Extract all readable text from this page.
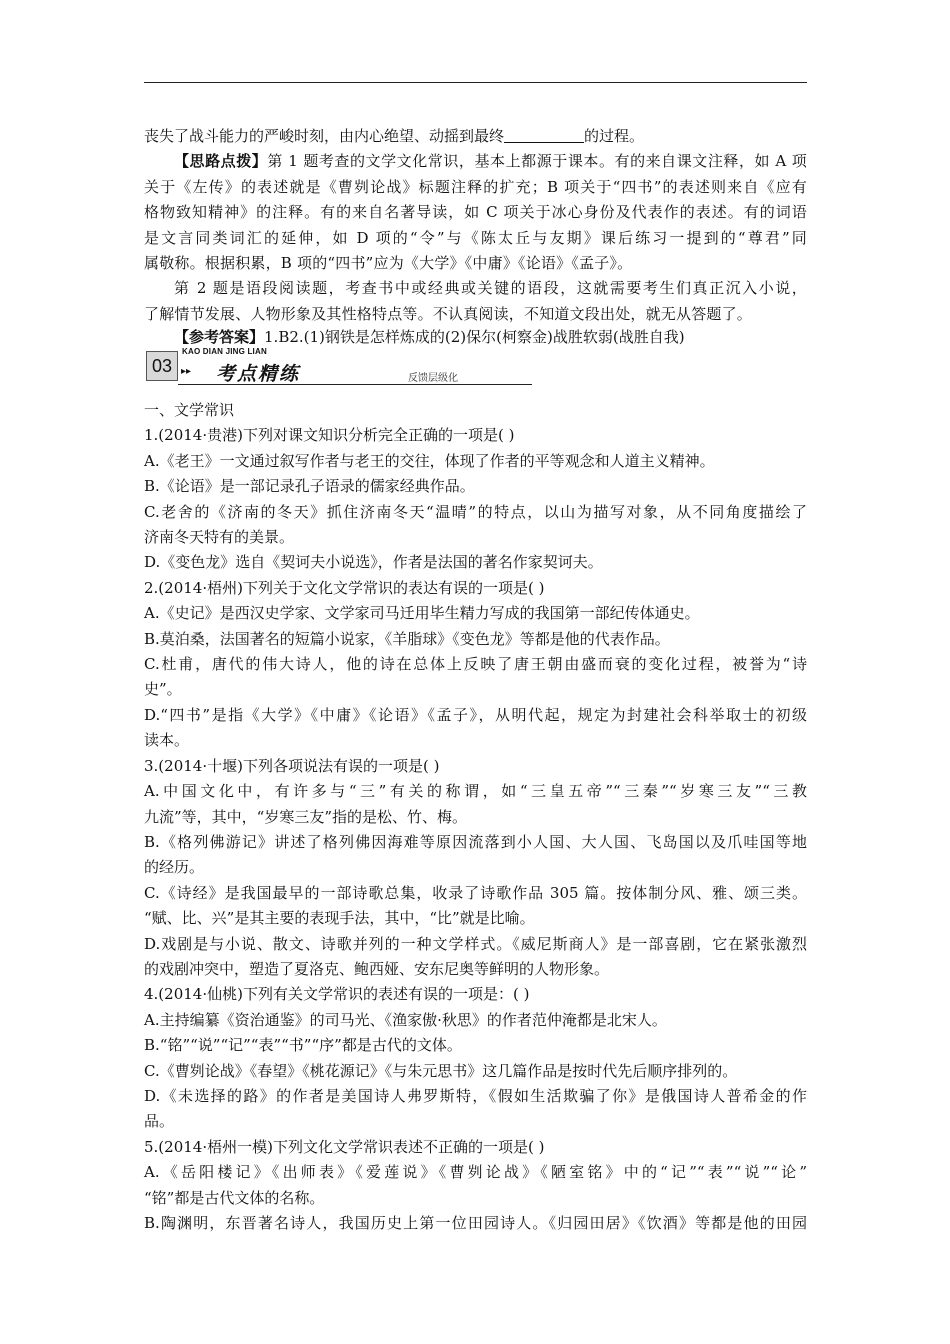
丧失了战斗能力的严峻时刻，由内心绝望、动摇到最终	的过程。

【思路点拨】第 1 题考查的文学文化常识，基本上都源于课本。有的来自课文注释，如 A 项

关于《左传》的表述就是《曹刿论战》标题注释的扩充；B 项关于“四书”的表述则来自《应有

格物致知精神》的注释。有的来自名著导读，如 C 项关于冰心身份及代表作的表述。有的词语

是文言同类词汇的延伸，如 D 项的“令”与《陈太丘与友期》课后练习一提到的“尊君”同

属敬称。根据积累，B 项的“四书”应为《大学》《中庸》《论语》《孟子》。

第 2 题是语段阅读题，考查书中或经典或关键的语段，这就需要考生们真正沉入小说，

了解情节发展、人物形象及其性格特点等。不认真阅读，不知道文段出处，就无从答题了。

【参考答案】1.B2.(1)钢铁是怎样炼成的(2)保尔(柯察金)战胜软弱(战胜自我)

03
KAO DIAN JING LIAN
▸▸ 考点精练	反馈层级化

一、文学常识

1.(2014·贵港)下列对课文知识分析完全正确的一项是( )

A.《老王》一文通过叙写作者与老王的交往，体现了作者的平等观念和人道主义精神。

B.《论语》是一部记录孔子语录的儒家经典作品。

C.老舍的《济南的冬天》抓住济南冬天“温晴”的特点，以山为描写对象，从不同角度描绘了

济南冬天特有的美景。

D.《变色龙》选自《契诃夫小说选》，作者是法国的著名作家契诃夫。

2.(2014·梧州)下列关于文化文学常识的表达有误的一项是( )

A.《史记》是西汉史学家、文学家司马迁用毕生精力写成的我国第一部纪传体通史。

B.莫泊桑，法国著名的短篇小说家，《羊脂球》《变色龙》等都是他的代表作品。

C.杜甫，唐代的伟大诗人，他的诗在总体上反映了唐王朝由盛而衰的变化过程，被誉为“诗

史”。

D.“四书”是指《大学》《中庸》《论语》《孟子》，从明代起，规定为封建社会科举取士的初级

读本。

3.(2014·十堰)下列各项说法有误的一项是( )

A.中国文化中，有许多与“三”有关的称谓，如“三皇五帝”“三秦”“岁寒三友”“三教

九流”等，其中，“岁寒三友”指的是松、竹、梅。

B.《格列佛游记》讲述了格列佛因海难等原因流落到小人国、大人国、飞岛国以及爪哇国等地

的经历。

C.《诗经》是我国最早的一部诗歌总集，收录了诗歌作品 305 篇。按体制分风、雅、颂三类。

“赋、比、兴”是其主要的表现手法，其中，“比”就是比喻。

D.戏剧是与小说、散文、诗歌并列的一种文学样式。《威尼斯商人》是一部喜剧，它在紧张激烈

的戏剧冲突中，塑造了夏洛克、鲍西娅、安东尼奥等鲜明的人物形象。

4.(2014·仙桃)下列有关文学常识的表述有误的一项是：( )

A.主持编纂《资治通鉴》的司马光、《渔家傲·秋思》的作者范仲淹都是北宋人。

B.“铭”“说”“记”“表”“书”“序”都是古代的文体。

C.《曹刿论战》《春望》《桃花源记》《与朱元思书》这几篇作品是按时代先后顺序排列的。

D.《未选择的路》的作者是美国诗人弗罗斯特，《假如生活欺骗了你》是俄国诗人普希金的作

品。

5.(2014·梧州一模)下列文化文学常识表述不正确的一项是( )

A.《岳阳楼记》《出师表》《爱莲说》《曹刿论战》《陋室铭》中的“记”“表”“说”“论”

“铭”都是古代文体的名称。

B.陶渊明，东晋著名诗人，我国历史上第一位田园诗人。《归园田居》《饮酒》等都是他的田园
